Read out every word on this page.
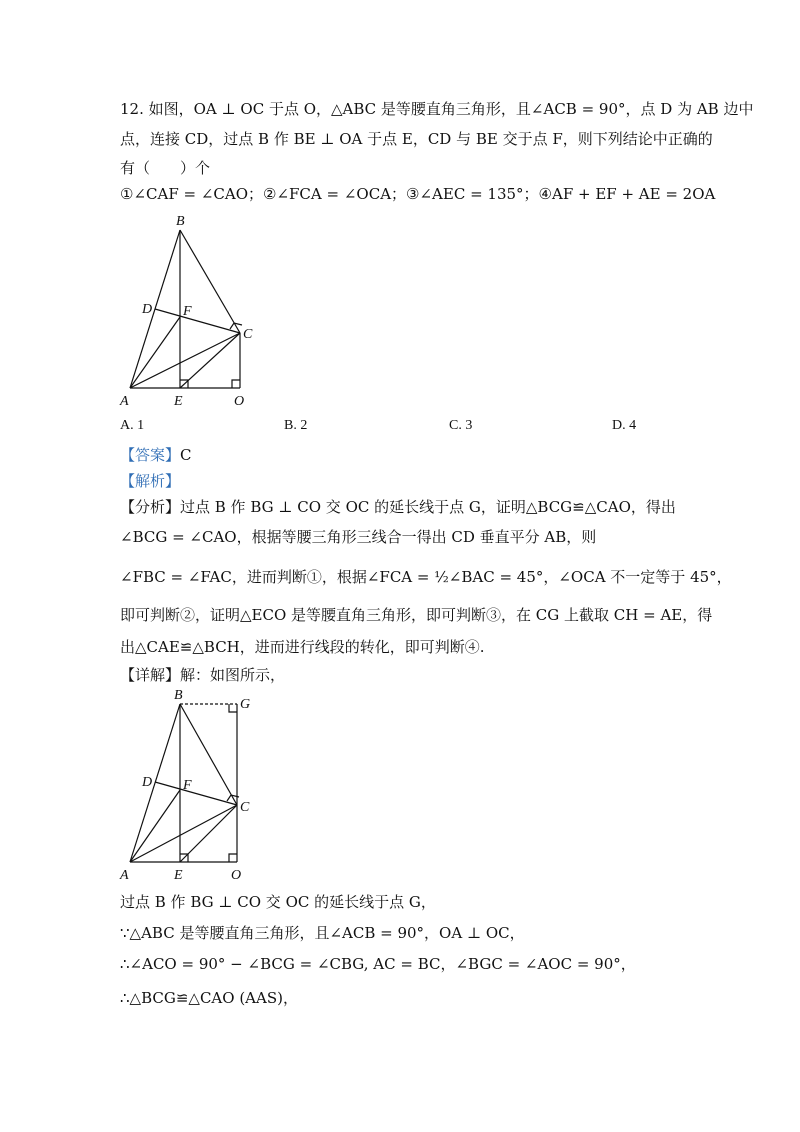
12. 如图，OA ⊥ OC 于点 O，△ABC 是等腰直角三角形，且∠ACB = 90°，点 D 为 AB 边中
点，连接 CD，过点 B 作 BE ⊥ OA 于点 E，CD 与 BE 交于点 F，则下列结论中正确的
有（　　）个
①∠CAF = ∠CAO；②∠FCA = ∠OCA；③∠AEC = 135°；④AF + EF + AE = 2OA
B
D F
C
A	E	O
A. 1	B. 2	C. 3	D. 4
【答案】C
【解析】
【分析】过点 B 作 BG ⊥ CO 交 OC 的延长线于点 G，证明△BCG≌△CAO，得出
∠BCG = ∠CAO，根据等腰三角形三线合一得出 CD 垂直平分 AB，则
∠FBC = ∠FAC，进而判断①，根据∠FCA = ½∠BAC = 45°，∠OCA 不一定等于 45°，
即可判断②，证明△ECO 是等腰直角三角形，即可判断③，在 CG 上截取 CH = AE，得
出△CAE≌△BCH，进而进行线段的转化，即可判断④.
【详解】解：如图所示，
B
G
D F
C
A	E	O
过点 B 作 BG ⊥ CO 交 OC 的延长线于点 G，
∵△ABC 是等腰直角三角形，且∠ACB = 90°，OA ⊥ OC，
∴∠ACO = 90° − ∠BCG = ∠CBG, AC = BC，∠BGC = ∠AOC = 90°，
∴△BCG≌△CAO (AAS)，
